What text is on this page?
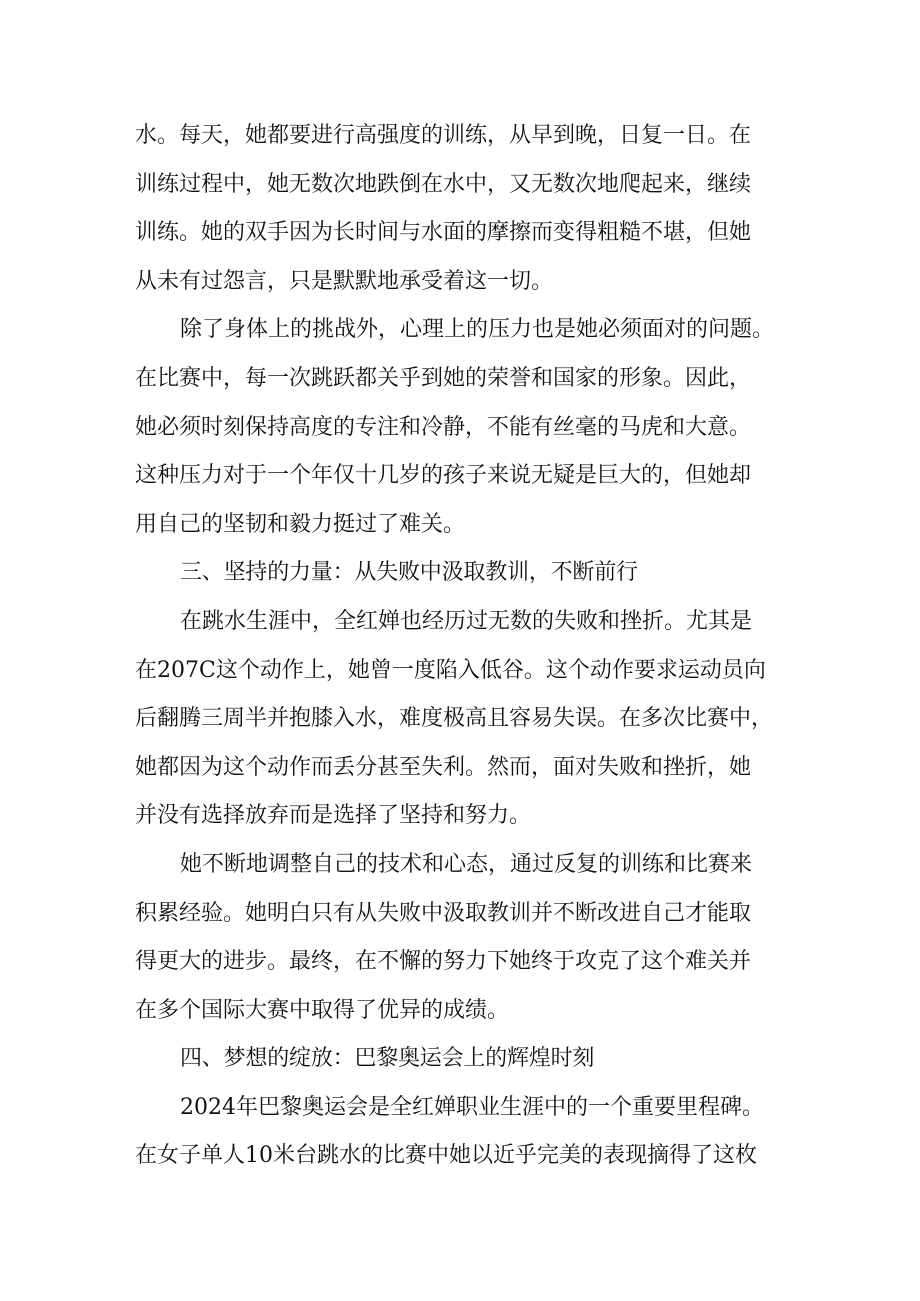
水。每天，她都要进行高强度的训练，从早到晚，日复一日。在
训练过程中，她无数次地跌倒在水中，又无数次地爬起来，继续
训练。她的双手因为长时间与水面的摩擦而变得粗糙不堪，但她
从未有过怨言，只是默默地承受着这一切。
除了身体上的挑战外，心理上的压力也是她必须面对的问题。
在比赛中，每一次跳跃都关乎到她的荣誉和国家的形象。因此，
她必须时刻保持高度的专注和冷静，不能有丝毫的马虎和大意。
这种压力对于一个年仅十几岁的孩子来说无疑是巨大的，但她却
用自己的坚韧和毅力挺过了难关。
三、坚持的力量：从失败中汲取教训，不断前行
在跳水生涯中，全红婵也经历过无数的失败和挫折。尤其是
在207C这个动作上，她曾一度陷入低谷。这个动作要求运动员向
后翻腾三周半并抱膝入水，难度极高且容易失误。在多次比赛中，
她都因为这个动作而丢分甚至失利。然而，面对失败和挫折，她
并没有选择放弃而是选择了坚持和努力。
她不断地调整自己的技术和心态，通过反复的训练和比赛来
积累经验。她明白只有从失败中汲取教训并不断改进自己才能取
得更大的进步。最终，在不懈的努力下她终于攻克了这个难关并
在多个国际大赛中取得了优异的成绩。
四、梦想的绽放：巴黎奥运会上的辉煌时刻
2024年巴黎奥运会是全红婵职业生涯中的一个重要里程碑。
在女子单人10米台跳水的比赛中她以近乎完美的表现摘得了这枚
